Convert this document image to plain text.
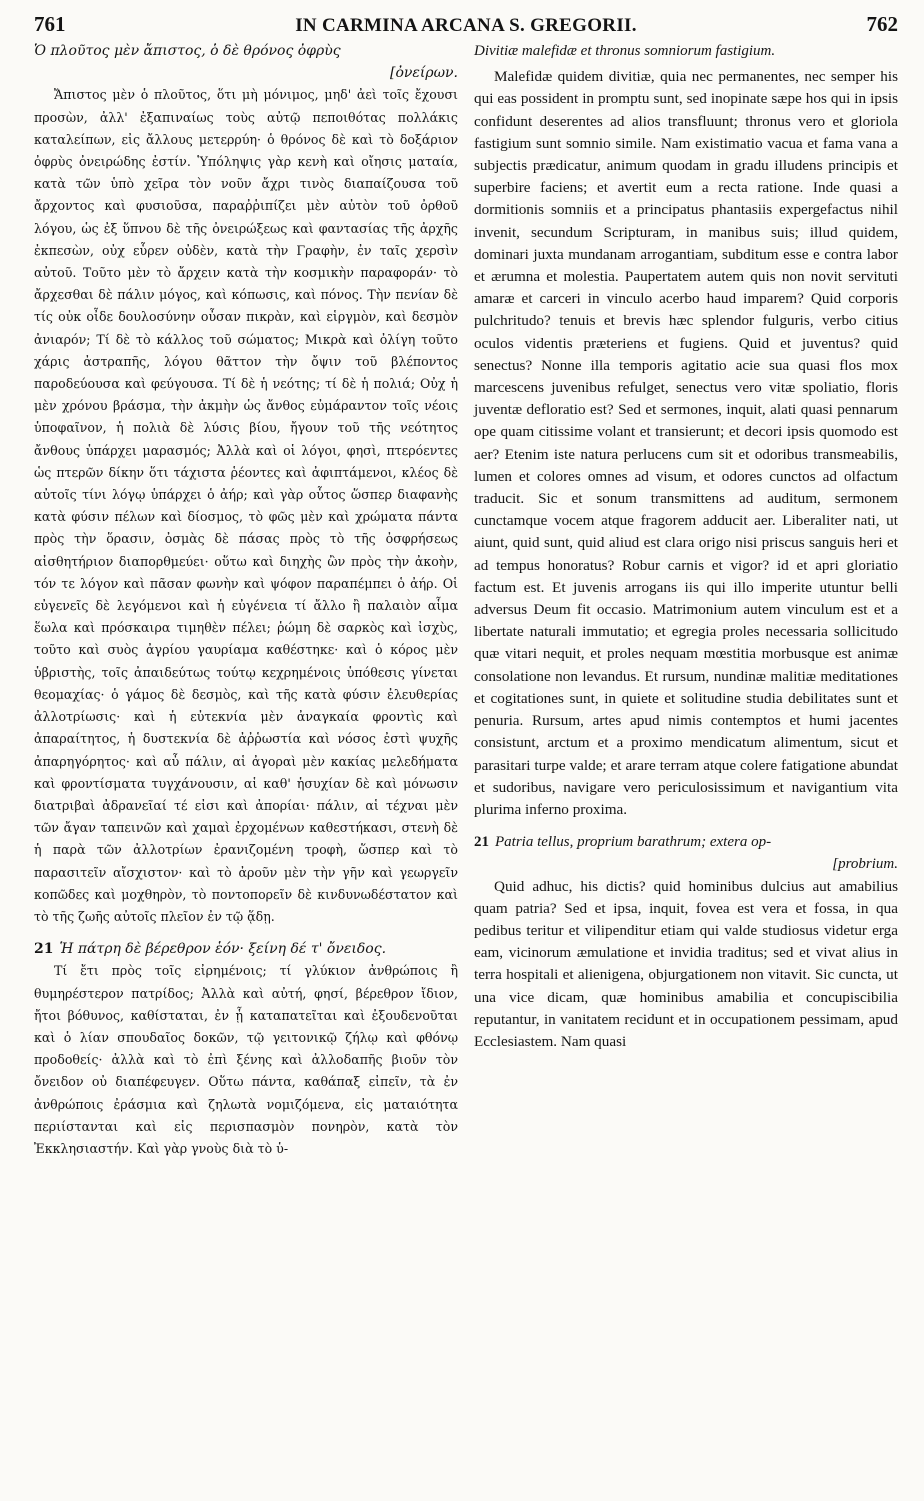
761	IN CARMINA ARCANA S. GREGORII.	762

Ὁ πλοῦτος μὲν ἄπιστος, ὁ δὲ θρόνος ὀφρὺς
[ὀνείρων.

Ἄπιστος μὲν ὁ πλοῦτος, ὅτι μὴ μόνιμος, μηδ' ἀεὶ τοῖς ἔχουσι προσὼν, ἀλλ' ἐξαπιναίως τοὺς αὐτῷ πεποιθότας πολλάκις καταλείπων, εἰς ἄλλους μετερρύη· ὁ θρόνος δὲ καὶ τὸ δοξάριον ὀφρὺς ὀνειρώδης ἐστίν. Ὑπόληψις γὰρ κενὴ καὶ οἴησις ματαία, κατὰ τῶν ὑπὸ χεῖρα τὸν νοῦν ἄχρι τινὸς διαπαίζουσα τοῦ ἄρχοντος καὶ φυσιοῦσα, παραῤῥιπίζει μὲν αὐτὸν τοῦ ὀρθοῦ λόγου, ὡς ἐξ ὕπνου δὲ τῆς ὀνειρώξεως καὶ φαντασίας τῆς ἀρχῆς ἐκπεσὼν, οὐχ εὗρεν οὐδὲν, κατὰ τὴν Γραφὴν, ἐν ταῖς χερσὶν αὐτοῦ. Τοῦτο μὲν τὸ ἄρχειν κατὰ τὴν κοσμικὴν παραφοράν· τὸ ἄρχεσθαι δὲ πάλιν μόγος, καὶ κόπωσις, καὶ πόνος. Τὴν πενίαν δὲ τίς οὐκ οἶδε δουλοσύνην οὖσαν πικρὰν, καὶ εἱργμὸν, καὶ δεσμὸν ἀνιαρόν; Τί δὲ τὸ κάλλος τοῦ σώματος; Μικρὰ καὶ ὀλίγη τοῦτο χάρις ἀστραπῆς, λόγου θᾶττον τὴν ὄψιν τοῦ βλέποντος παροδεύουσα καὶ φεύγουσα. Τί δὲ ἡ νεότης; τί δὲ ἡ πολιά; Οὐχ ἡ μὲν χρόνου βράσμα, τὴν ἀκμὴν ὡς ἄνθος εὐμάραντον τοῖς νέοις ὑποφαῖνον, ἡ πολιὰ δὲ λύσις βίου, ἤγουν τοῦ τῆς νεότητος ἄνθους ὑπάρχει μαρασμός; Ἀλλὰ καὶ οἱ λόγοι, φησὶ, πτερόεντες ὡς πτερῶν δίκην ὅτι τάχιστα ῥέοντες καὶ ἀφιπτάμενοι, κλέος δὲ αὐτοῖς τίνι λόγῳ ὑπάρχει ὁ ἀήρ; καὶ γὰρ οὗτος ὥσπερ διαφανὴς κατὰ φύσιν πέλων καὶ δίοσμος, τὸ φῶς μὲν καὶ χρώματα πάντα πρὸς τὴν ὅρασιν, ὀσμὰς δὲ πάσας πρὸς τὸ τῆς ὀσφρήσεως αἰσθητήριον διαπορθμεύει· οὕτω καὶ διηχὴς ὢν πρὸς τὴν ἀκοὴν, τόν τε λόγον καὶ πᾶσαν φωνὴν καὶ ψόφον παραπέμπει ὁ ἀήρ. Οἱ εὐγενεῖς δὲ λεγόμενοι καὶ ἡ εὐγένεια τί ἄλλο ἢ παλαιὸν αἷμα ἕωλα καὶ πρόσκαιρα τιμηθὲν πέλει; ῥώμη δὲ σαρκὸς καὶ ἰσχὺς, τοῦτο καὶ συὸς ἀγρίου γαυρίαμα καθέστηκε· καὶ ὁ κόρος μὲν ὑβριστὴς, τοῖς ἀπαιδεύτως τούτῳ κεχρημένοις ὑπόθεσις γίνεται θεομαχίας· ὁ γάμος δὲ δεσμὸς, καὶ τῆς κατὰ φύσιν ἐλευθερίας ἀλλοτρίωσις· καὶ ἡ εὐτεκνία μὲν ἀναγκαία φροντὶς καὶ ἀπαραίτητος, ἡ δυστεκνία δὲ ἀῤῥωστία καὶ νόσος ἐστὶ ψυχῆς ἀπαρηγόρητος· καὶ αὖ πάλιν, αἱ ἀγοραὶ μὲν κακίας μελεδήματα καὶ φροντίσματα τυγχάνουσιν, αἱ καθ' ἡσυχίαν δὲ καὶ μόνωσιν διατριβαὶ ἀδρανεῖαί τέ εἰσι καὶ ἀπορίαι· πάλιν, αἱ τέχναι μὲν τῶν ἄγαν ταπεινῶν καὶ χαμαὶ ἐρχομένων καθεστήκασι, στενὴ δὲ ἡ παρὰ τῶν ἀλλοτρίων ἐρανιζομένη τροφὴ, ὥσπερ καὶ τὸ παρασιτεῖν αἴσχιστον· καὶ τὸ ἀροῦν μὲν τὴν γῆν καὶ γεωργεῖν κοπῶδες καὶ μοχθηρὸν, τὸ ποντοπορεῖν δὲ κινδυνωδέστατον καὶ τὸ τῆς ζωῆς αὐτοῖς πλεῖον ἐν τῷ ᾅδῃ.

21 Ἡ πάτρη δὲ βέρεθρον ἑόν· ξείνη δέ τ' ὄνειδος.

Τί ἔτι πρὸς τοῖς εἰρημένοις; τί γλύκιον ἀνθρώποις ἢ θυμηρέστερον πατρίδος; Ἀλλὰ καὶ αὐτή, φησί, βέρεθρον ἴδιον, ἤτοι βόθυνος, καθίσταται, ἐν ᾗ καταπατεῖται καὶ ἐξουδενοῦται καὶ ὁ λίαν σπουδαῖος δοκῶν, τῷ γειτονικῷ ζήλῳ καὶ φθόνῳ προδοθείς· ἀλλὰ καὶ τὸ ἐπὶ ξένης καὶ ἀλλοδαπῆς βιοῦν τὸν ὄνειδον οὐ διαπέφευγεν. Οὕτω πάντα, καθάπαξ εἰπεῖν, τὰ ἐν ἀνθρώποις ἐράσμια καὶ ζηλωτὰ νομιζόμενα, εἰς ματαιότητα περιίστανται καὶ εἰς περισπασμὸν πονηρὸν, κατὰ τὸν Ἐκκλησιαστήν. Καὶ γὰρ γνοὺς διὰ τὸ ὑ-

Divitiæ malefidæ et thronus somniorum fastigium.

Malefidæ quidem divitiæ, quia nec permanentes, nec semper his qui eas possident in promptu sunt, sed inopinate sæpe hos qui in ipsis confidunt deserentes ad alios transfluunt; thronus vero et gloriola fastigium sunt somnio simile. Nam existimatio vacua et fama vana a subjectis prædicatur, animum quodam in gradu illudens principis et superbire faciens; et avertit eum a recta ratione. Inde quasi a dormitionis somniis et a principatus phantasiis expergefactus nihil invenit, secundum Scripturam, in manibus suis; illud quidem, dominari juxta mundanam arrogantiam, subditum esse e contra labor et ærumna et molestia. Paupertatem autem quis non novit servituti amaræ et carceri in vinculo acerbo haud imparem? Quid corporis pulchritudo? tenuis et brevis hæc splendor fulguris, verbo citius oculos videntis præteriens et fugiens. Quid et juventus? quid senectus? Nonne illa temporis agitatio acie sua quasi flos mox marcescens juvenibus refulget, senectus vero vitæ spoliatio, floris juventæ defloratio est? Sed et sermones, inquit, alati quasi pennarum ope quam citissime volant et transierunt; et decori ipsis quomodo est aer? Etenim iste natura perlucens cum sit et odoribus transmeabilis, lumen et colores omnes ad visum, et odores cunctos ad olfactum traducit. Sic et sonum transmittens ad auditum, sermonem cunctamque vocem atque fragorem adducit aer. Liberaliter nati, ut aiunt, quid sunt, quid aliud est clara origo nisi priscus sanguis heri et ad tempus honoratus? Robur carnis et vigor? id et apri gloriatio factum est. Et juvenis arrogans iis qui illo imperite utuntur belli adversus Deum fit occasio. Matrimonium autem vinculum est et a libertate naturali immutatio; et egregia proles necessaria sollicitudo quæ vitari nequit, et proles nequam mœstitia morbusque est animæ consolatione non levandus. Et rursum, nundinæ malitiæ meditationes et cogitationes sunt, in quiete et solitudine studia debilitates sunt et penuria. Rursum, artes apud nimis contemptos et humi jacentes consistunt, arctum et a proximo mendicatum alimentum, sicut et parasitari turpe valde; et arare terram atque colere fatigatione abundat et sudoribus, navigare vero periculosissimum et navigantium vita plurima inferno proxima.

21 Patria tellus, proprium barathrum; extera op-
[probrium.

Quid adhuc, his dictis? quid hominibus dulcius aut amabilius quam patria? Sed et ipsa, inquit, fovea est vera et fossa, in qua pedibus teritur et vilipenditur etiam qui valde studiosus videtur erga eam, vicinorum æmulatione et invidia traditus; sed et vivat alius in terra hospitali et alienigena, objurgationem non vitavit. Sic cuncta, ut una vice dicam, quæ hominibus amabilia et concupiscibilia reputantur, in vanitatem recidunt et in occupationem pessimam, apud Ecclesiastem. Nam quasi
